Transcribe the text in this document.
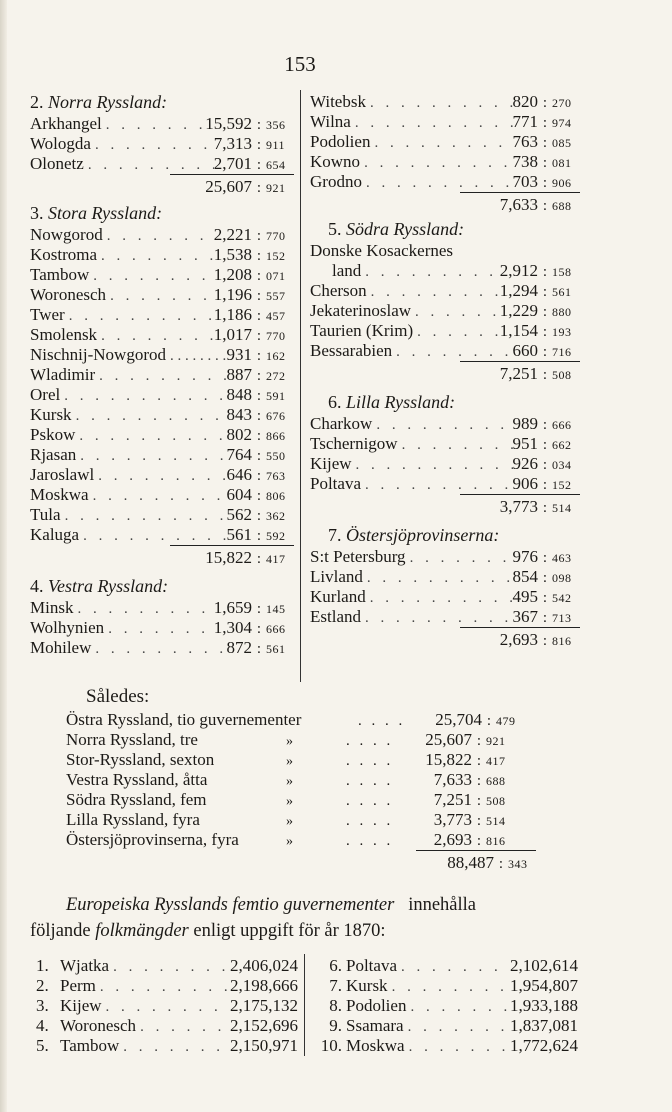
153
2. Norra Ryssland:
Arkhangel . . .	15,592 : 356
Wologda . . .	7,313 : 911
Olonetz . . .	2,701 : 654
25,607 : 921
3. Stora Ryssland:
Nowgorod . . .	2,221 : 770
Kostroma . . .	1,538 : 152
Tambow . . .	1,208 : 071
Woronesch . . .	1,196 : 557
Twer . . .	1,186 : 457
Smolensk . . .	1,017 : 770
Nischnij-Nowgorod . . .	931 : 162
Wladimir . . .	887 : 272
Orel . . .	848 : 591
Kursk . . .	843 : 676
Pskow . . .	802 : 866
Rjasan . . .	764 : 550
Jaroslawl . . .	646 : 763
Moskwa . . .	604 : 806
Tula . . .	562 : 362
Kaluga . . .	561 : 592
15,822 : 417
4. Vestra Ryssland:
Minsk . . .	1,659 : 145
Wolhynien . . .	1,304 : 666
Mohilew . . .	872 : 561
Witebsk . . .	820 : 270
Wilna . . .	771 : 974
Podolien . . .	763 : 085
Kowno . . .	738 : 081
Grodno . . .	703 : 906
7,633 : 688
5. Södra Ryssland:
Donske Kosackernes
land . . .	2,912 : 158
Cherson . . .	1,294 : 561
Jekaterinoslaw . . .	1,229 : 880
Taurien (Krim) . . .	1,154 : 193
Bessarabien . . .	660 : 716
7,251 : 508
6. Lilla Ryssland:
Charkow . . .	989 : 666
Tschernigow . . .	951 : 662
Kijew . . .	926 : 034
Poltava . . .	906 : 152
3,773 : 514
7. Östersjöprovinserna:
S:t Petersburg . . .	976 : 463
Livland . . .	854 : 098
Kurland . . .	495 : 542
Estland . . .	367 : 713
2,693 : 816
Således:
Östra Ryssland, tio guvernementer	. . . .	25,704 : 479
Norra Ryssland, tre	»	. . . .	25,607 : 921
Stor-Ryssland, sexton	»	. . . .	15,822 : 417
Vestra Ryssland, åtta	»	. . . .	7,633 : 688
Södra Ryssland, fem	»	. . . .	7,251 : 508
Lilla Ryssland, fyra	»	. . . .	3,773 : 514
Östersjöprovinserna, fyra	»	. . . .	2,693 : 816
88,487 : 343
Europeiska Rysslands femtio guvernementer innehålla
följande folkmängder enligt uppgift för år 1870:
1. Wjatka . . .	2,406,024
2. Perm . . .	2,198,666
3. Kijew . . .	2,175,132
4. Woronesch . . .	2,152,696
5. Tambow . . .	2,150,971
6. Poltava . . .	2,102,614
7. Kursk . . .	1,954,807
8. Podolien . . .	1,933,188
9. Ssamara . . .	1,837,081
10. Moskwa . . .	1,772,624
